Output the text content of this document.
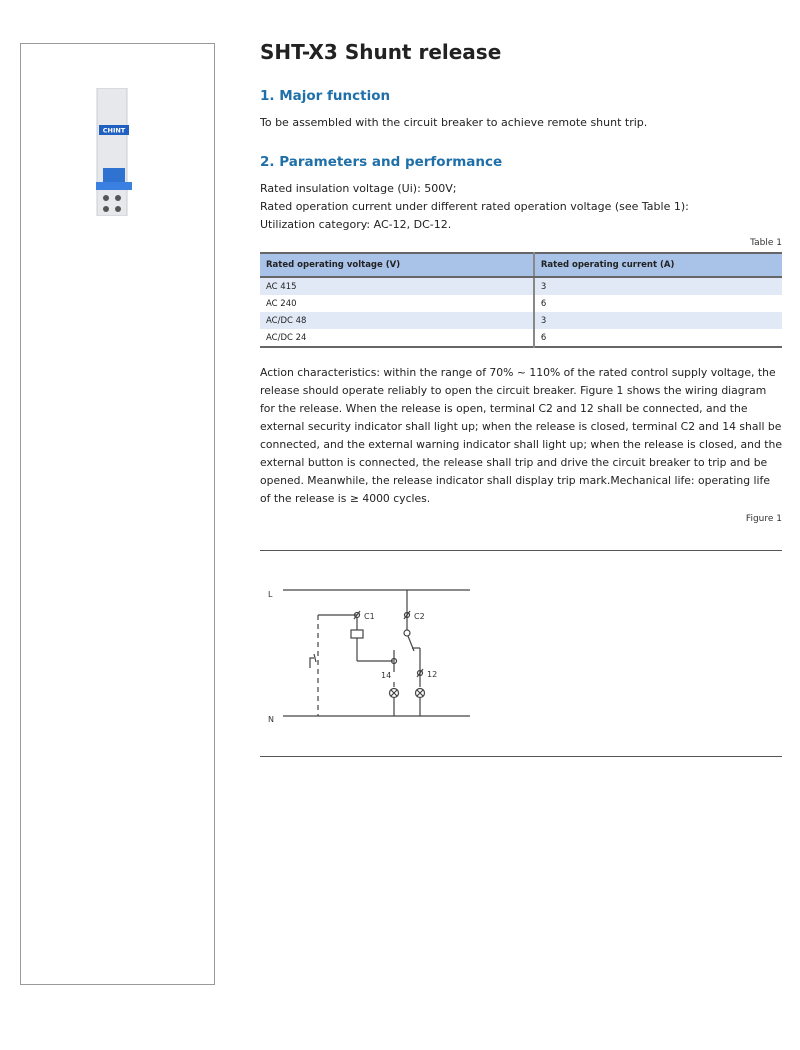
CHINT
SHT-X3 Shunt release
1. Major function

To be assembled with the circuit breaker to achieve remote shunt trip.

2. Parameters and performance

Rated insulation voltage (Ui): 500V;

Rated operation current under different rated operation voltage (see Table 1):

Utilization category: AC-12, DC-12.

Table 1
Rated operating voltage (V)	Rated operating current (A)
AC 415	3
AC 240	6
AC/DC 48	3
AC/DC 24	6

Action characteristics: within the range of 70% ~ 110% of the rated control supply voltage, the release should operate reliably to open the circuit breaker. Figure 1 shows the wiring diagram for the release. When the release is open, terminal C2 and 12 shall be connected, and the external security indicator shall light up; when the release is closed, terminal C2 and 14 shall be connected, and the external warning indicator shall light up; when the release is closed, and the external button is connected, the release shall trip and drive the circuit breaker to trip and be opened. Meanwhile, the release indicator shall display trip mark.Mechanical life: operating life of the release is ≥ 4000 cycles.

Figure 1
L
N
C1	C2
14	12
